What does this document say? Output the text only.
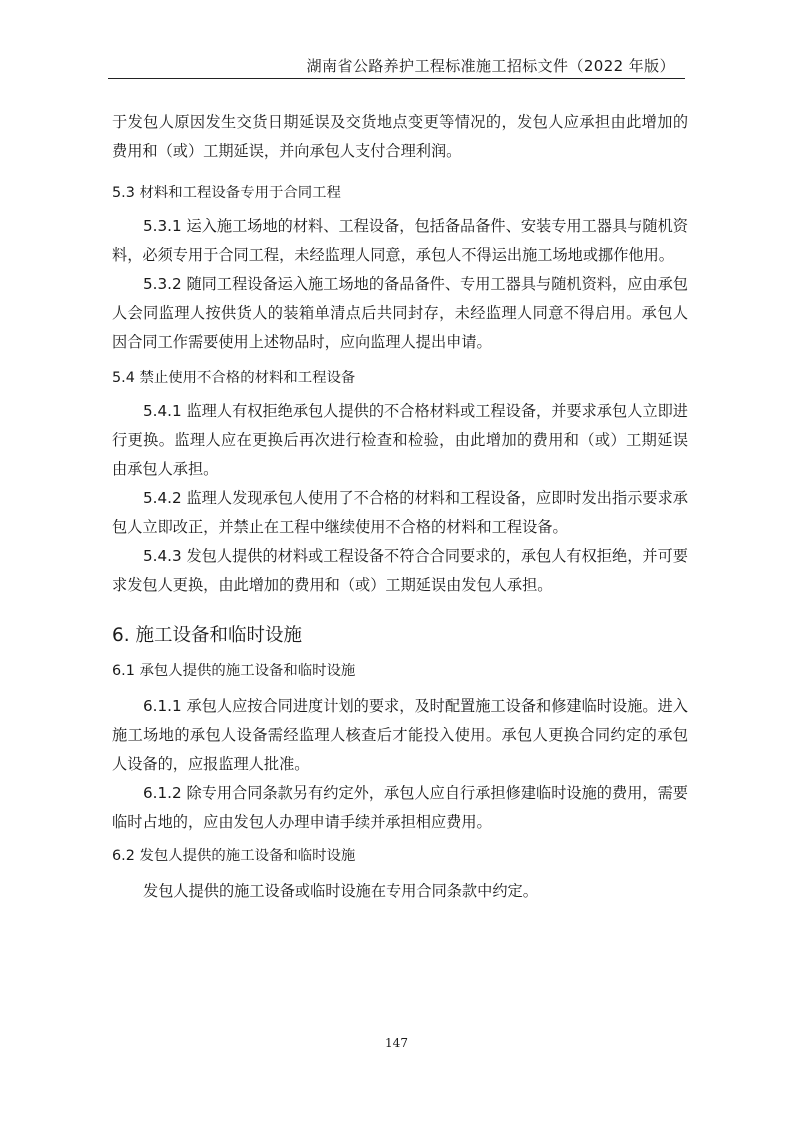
湖南省公路养护工程标准施工招标文件（2022 年版）

于发包人原因发生交货日期延误及交货地点变更等情况的，发包人应承担由此增加的费用和（或）工期延误，并向承包人支付合理利润。

5.3 材料和工程设备专用于合同工程

5.3.1 运入施工场地的材料、工程设备，包括备品备件、安装专用工器具与随机资料，必须专用于合同工程，未经监理人同意，承包人不得运出施工场地或挪作他用。

5.3.2 随同工程设备运入施工场地的备品备件、专用工器具与随机资料，应由承包人会同监理人按供货人的装箱单清点后共同封存，未经监理人同意不得启用。承包人因合同工作需要使用上述物品时，应向监理人提出申请。

5.4 禁止使用不合格的材料和工程设备

5.4.1 监理人有权拒绝承包人提供的不合格材料或工程设备，并要求承包人立即进行更换。监理人应在更换后再次进行检查和检验，由此增加的费用和（或）工期延误由承包人承担。

5.4.2 监理人发现承包人使用了不合格的材料和工程设备，应即时发出指示要求承包人立即改正，并禁止在工程中继续使用不合格的材料和工程设备。

5.4.3 发包人提供的材料或工程设备不符合合同要求的，承包人有权拒绝，并可要求发包人更换，由此增加的费用和（或）工期延误由发包人承担。

6. 施工设备和临时设施

6.1 承包人提供的施工设备和临时设施

6.1.1 承包人应按合同进度计划的要求，及时配置施工设备和修建临时设施。进入施工场地的承包人设备需经监理人核查后才能投入使用。承包人更换合同约定的承包人设备的，应报监理人批准。

6.1.2 除专用合同条款另有约定外，承包人应自行承担修建临时设施的费用，需要临时占地的，应由发包人办理申请手续并承担相应费用。

6.2 发包人提供的施工设备和临时设施

发包人提供的施工设备或临时设施在专用合同条款中约定。

147
